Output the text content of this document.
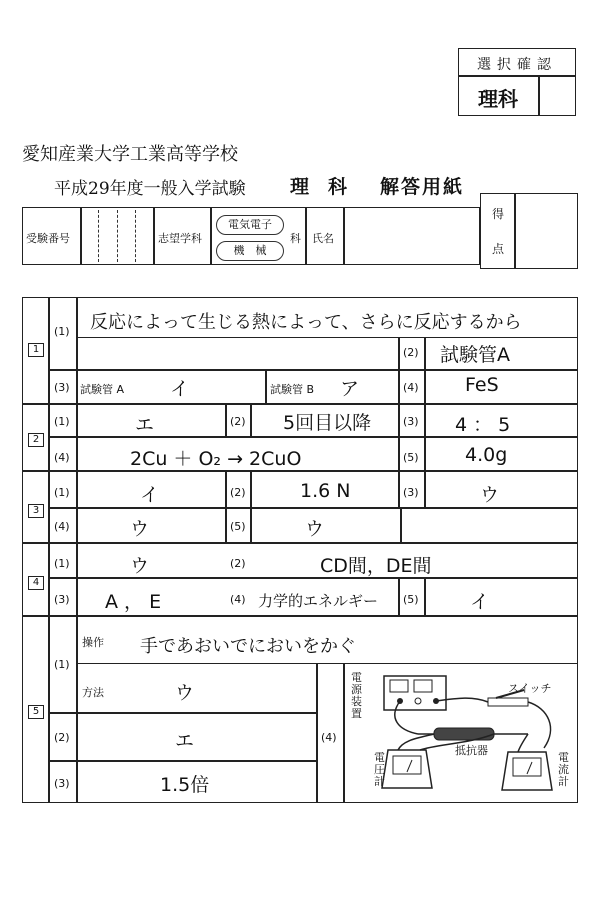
選択確認
理科
愛知産業大学工業高等学校
平成29年度一般入学試験 理　科 解答用紙
受験番号	志望学科
電気電子
機　械
科 氏名
得
点
1
(1) 反応によって生じる熱によって、さらに反応するから
(2) 試験管A
(3) 試験管 A イ	試験管 B ア	(4) FeS
2
(1)	エ	(2) 5回目以降	(3) 4 ： 5
(4)	2Cu ＋ O₂ → 2CuO	(5) 4.0g
3
(1)	イ	(2)	1.6 N	(3)	ウ
(4)	ウ	(5)	ウ
4
(1)	ウ	(2)	CD間，DE間
(3) A ， E	(4) 力学的エネルギー (5)	イ
5
(1)
操作 手であおいでにおいをかぐ
方法	ウ
(2)	エ
(3)	1.5倍
(4)
電源装置
スイッチ
抵抗器
電圧計
電流計
